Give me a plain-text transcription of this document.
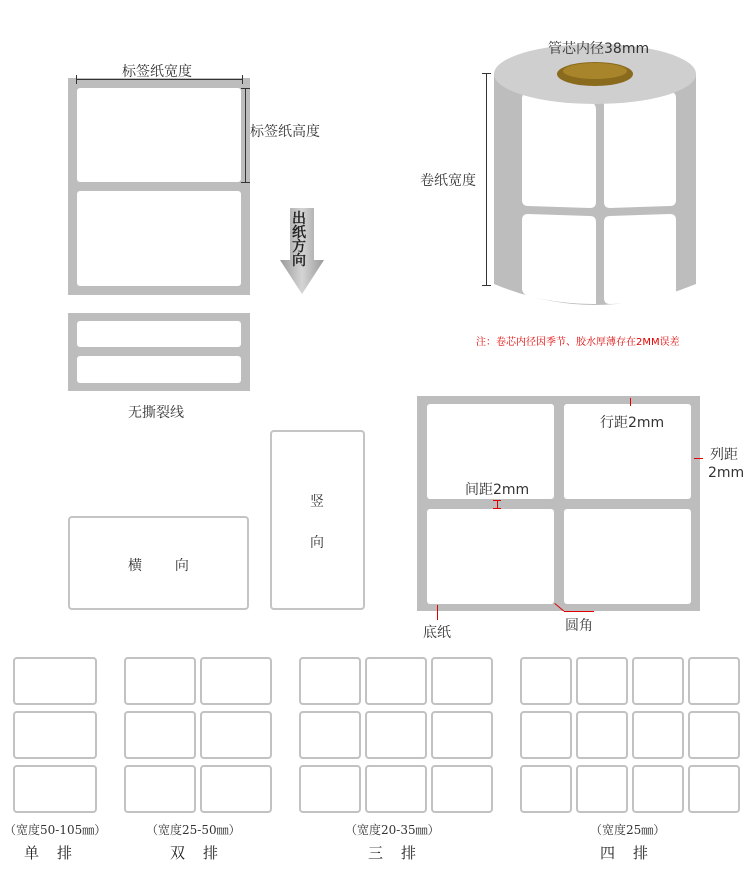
标签纸宽度
标签纸高度
出纸方向
无撕裂线
管芯内径38mm
卷纸宽度
注：卷芯内径因季节、胶水厚薄存在2MM误差
横  向
竖
向
行距2mm
列距
2mm
间距2mm
底纸	圆角
（宽度50-105㎜）
单排
（宽度25-50㎜）
双排
（宽度20-35㎜）
三排
（宽度25㎜）
四排
